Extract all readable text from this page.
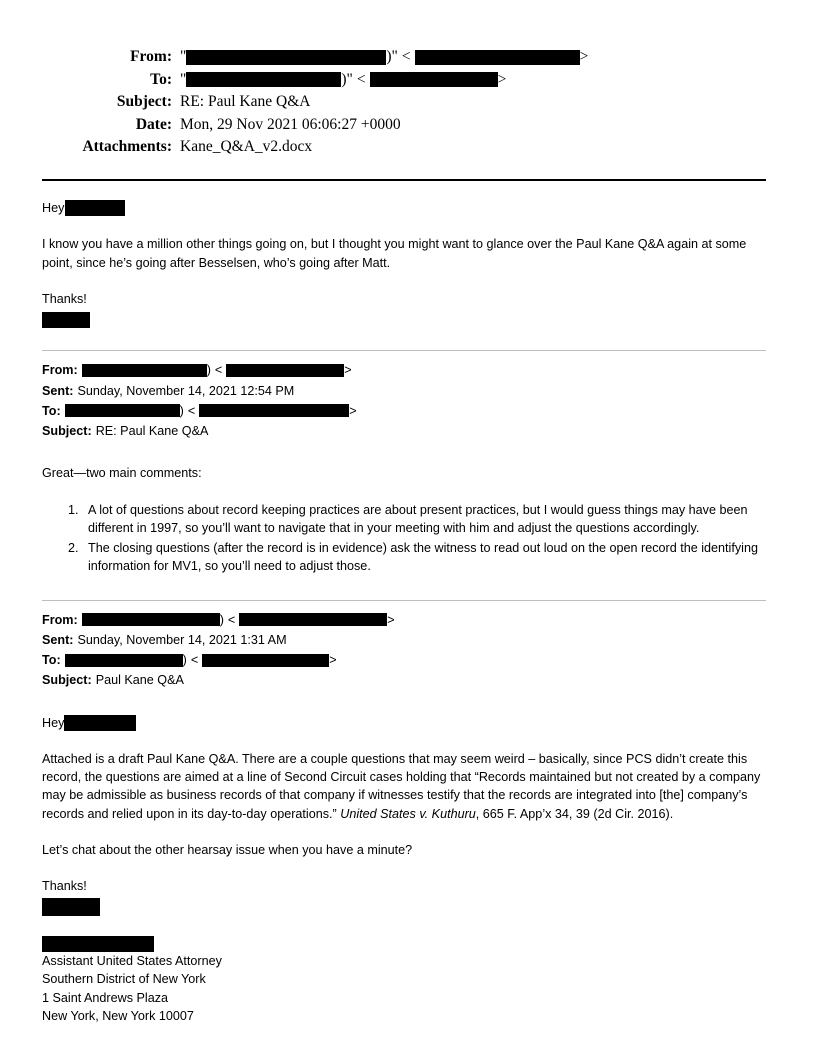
From: "	)" <	>
To: "	)" <	>
Subject: RE: Paul Kane Q&A
Date: Mon, 29 Nov 2021 06:06:27 +0000
Attachments: Kane_Q&A_v2.docx
Hey

I know you have a million other things going on, but I thought you might want to glance over the Paul Kane Q&A again at some point, since he’s going after Besselsen, who’s going after Matt.

Thanks!

From:	) <	>
Sent: Sunday, November 14, 2021 12:54 PM
To:	) <	>
Subject: RE: Paul Kane Q&A

Great—two main comments:

1. A lot of questions about record keeping practices are about present practices, but I would guess things may have been different in 1997, so you’ll want to navigate that in your meeting with him and adjust the questions accordingly.
2. The closing questions (after the record is in evidence) ask the witness to read out loud on the open record the identifying information for MV1, so you’ll need to adjust those.
From:	) <	>
Sent: Sunday, November 14, 2021 1:31 AM
To:	) <	>
Subject: Paul Kane Q&A
Hey

Attached is a draft Paul Kane Q&A. There are a couple questions that may seem weird – basically, since PCS didn’t create this record, the questions are aimed at a line of Second Circuit cases holding that “Records maintained but not created by a company may be admissible as business records of that company if witnesses testify that the records are integrated into [the] company’s records and relied upon in its day-to-day operations.” United States v. Kuthuru, 665 F. App’x 34, 39 (2d Cir. 2016).

Let’s chat about the other hearsay issue when you have a minute?

Thanks!

Assistant United States Attorney

Southern District of New York

1 Saint Andrews Plaza

New York, New York 10007
